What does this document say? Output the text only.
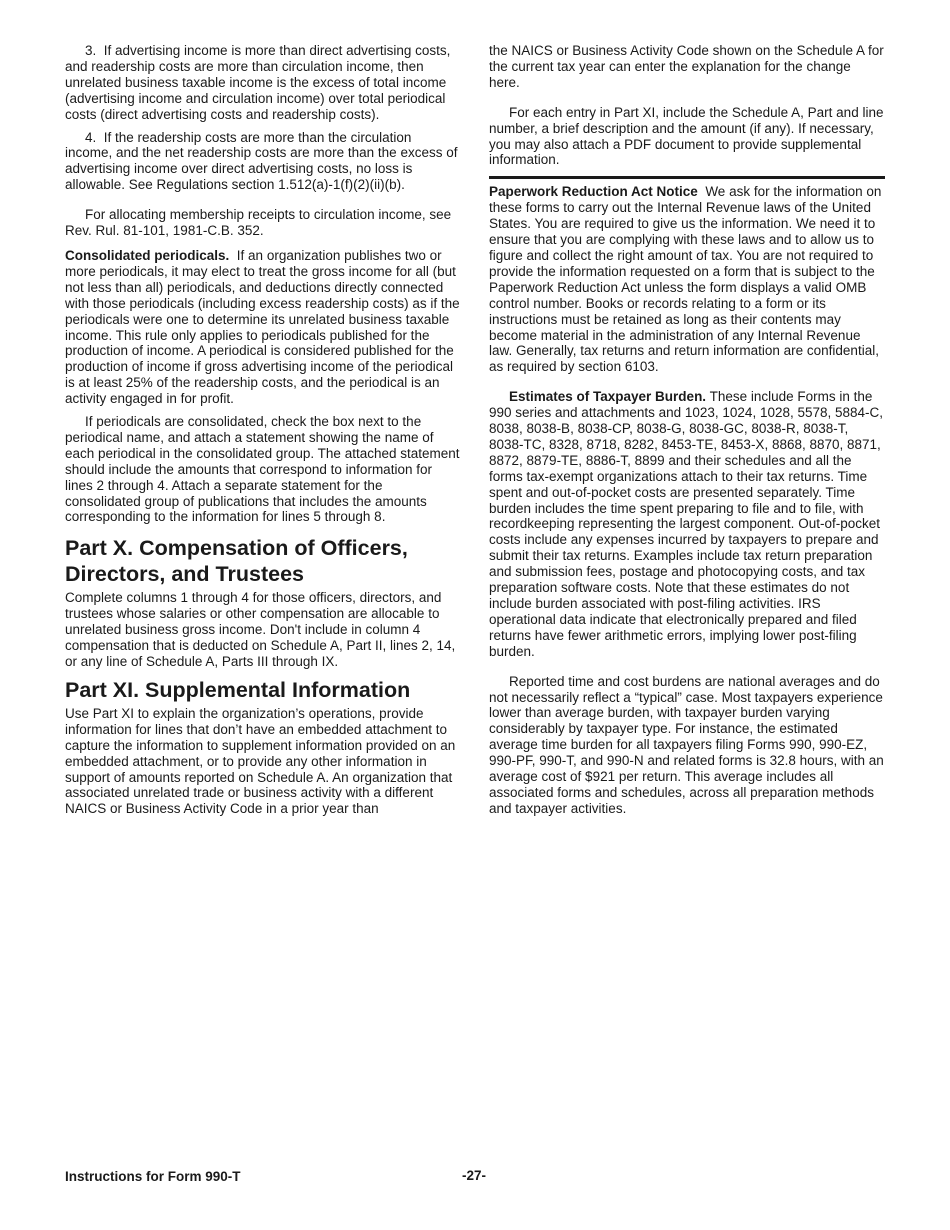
3.  If advertising income is more than direct advertising costs, and readership costs are more than circulation income, then unrelated business taxable income is the excess of total income (advertising income and circulation income) over total periodical costs (direct advertising costs and readership costs).

4.  If the readership costs are more than the circulation income, and the net readership costs are more than the excess of advertising income over direct advertising costs, no loss is allowable. See Regulations section 1.512(a)-1(f)(2)(ii)(b).

For allocating membership receipts to circulation income, see Rev. Rul. 81-101, 1981-C.B. 352.

Consolidated periodicals. If an organization publishes two or more periodicals, it may elect to treat the gross income for all (but not less than all) periodicals, and deductions directly connected with those periodicals (including excess readership costs) as if the periodicals were one to determine its unrelated business taxable income. This rule only applies to periodicals published for the production of income. A periodical is considered published for the production of income if gross advertising income of the periodical is at least 25% of the readership costs, and the periodical is an activity engaged in for profit.

If periodicals are consolidated, check the box next to the periodical name, and attach a statement showing the name of each periodical in the consolidated group. The attached statement should include the amounts that correspond to information for lines 2 through 4. Attach a separate statement for the consolidated group of publications that includes the amounts corresponding to the information for lines 5 through 8.

Part X. Compensation of Officers, Directors, and Trustees

Complete columns 1 through 4 for those officers, directors, and trustees whose salaries or other compensation are allocable to unrelated business gross income. Don't include in column 4 compensation that is deducted on Schedule A, Part II, lines 2, 14, or any line of Schedule A, Parts III through IX.

Part XI. Supplemental Information

Use Part XI to explain the organization’s operations, provide information for lines that don’t have an embedded attachment to capture the information to supplement information provided on an embedded attachment, or to provide any other information in support of amounts reported on Schedule A. An organization that associated unrelated trade or business activity with a different NAICS or Business Activity Code in a prior year than

the NAICS or Business Activity Code shown on the Schedule A for the current tax year can enter the explanation for the change here.

For each entry in Part XI, include the Schedule A, Part and line number, a brief description and the amount (if any). If necessary, you may also attach a PDF document to provide supplemental information.

Paperwork Reduction Act Notice We ask for the information on these forms to carry out the Internal Revenue laws of the United States. You are required to give us the information. We need it to ensure that you are complying with these laws and to allow us to figure and collect the right amount of tax. You are not required to provide the information requested on a form that is subject to the Paperwork Reduction Act unless the form displays a valid OMB control number. Books or records relating to a form or its instructions must be retained as long as their contents may become material in the administration of any Internal Revenue law. Generally, tax returns and return information are confidential, as required by section 6103.

Estimates of Taxpayer Burden. These include Forms in the 990 series and attachments and 1023, 1024, 1028, 5578, 5884-C, 8038, 8038-B, 8038-CP, 8038-G, 8038-GC, 8038-R, 8038-T, 8038-TC, 8328, 8718, 8282, 8453-TE, 8453-X, 8868, 8870, 8871, 8872, 8879-TE, 8886-T, 8899 and their schedules and all the forms tax-exempt organizations attach to their tax returns. Time spent and out-of-pocket costs are presented separately. Time burden includes the time spent preparing to file and to file, with recordkeeping representing the largest component. Out-of-pocket costs include any expenses incurred by taxpayers to prepare and submit their tax returns. Examples include tax return preparation and submission fees, postage and photocopying costs, and tax preparation software costs. Note that these estimates do not include burden associated with post-filing activities. IRS operational data indicate that electronically prepared and filed returns have fewer arithmetic errors, implying lower post-filing burden.

Reported time and cost burdens are national averages and do not necessarily reflect a “typical” case. Most taxpayers experience lower than average burden, with taxpayer burden varying considerably by taxpayer type. For instance, the estimated average time burden for all taxpayers filing Forms 990, 990-EZ, 990-PF, 990-T, and 990-N and related forms is 32.8 hours, with an average cost of $921 per return. This average includes all associated forms and schedules, across all preparation methods and taxpayer activities.

Instructions for Form 990-T	-27-
